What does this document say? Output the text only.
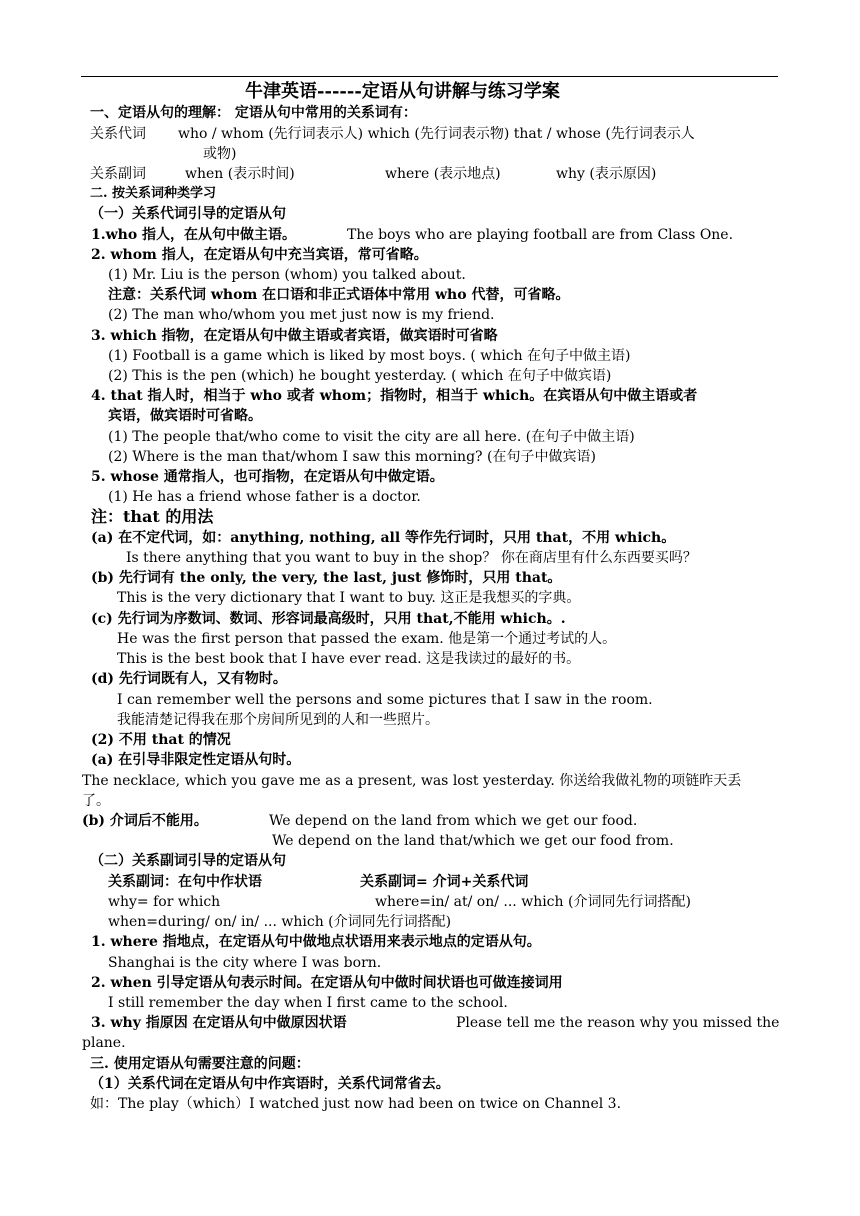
牛津英语------定语从句讲解与练习学案
一、定语从句的理解： 定语从句中常用的关系词有：
关系代词 who / whom (先行词表示人) which (先行词表示物) that / whose (先行词表示人
或物)
关系副词	when (表示时间)	where (表示地点)	why (表示原因)
二. 按关系词种类学习
（一）关系代词引导的定语从句
1.who 指人，在从句中做主语。	The boys who are playing football are from Class One.
2. whom 指人，在定语从句中充当宾语，常可省略。
(1) Mr. Liu is the person (whom) you talked about.
注意：关系代词 whom 在口语和非正式语体中常用 who 代替，可省略。
(2) The man who/whom you met just now is my friend.
3. which 指物，在定语从句中做主语或者宾语，做宾语时可省略
(1) Football is a game which is liked by most boys. ( which 在句子中做主语)
(2) This is the pen (which) he bought yesterday. ( which 在句子中做宾语)
4. that 指人时，相当于 who 或者 whom；指物时，相当于 which。在宾语从句中做主语或者
宾语，做宾语时可省略。
(1) The people that/who come to visit the city are all here. (在句子中做主语)
(2) Where is the man that/whom I saw this morning? (在句子中做宾语)
5. whose 通常指人，也可指物，在定语从句中做定语。
(1) He has a friend whose father is a doctor.
注：that 的用法
(a) 在不定代词，如：anything, nothing, all 等作先行词时，只用 that，不用 which。
Is there anything that you want to buy in the shop？ 你在商店里有什么东西要买吗？
(b) 先行词有 the only, the very, the last, just 修饰时，只用 that。
This is the very dictionary that I want to buy. 这正是我想买的字典。
(c) 先行词为序数词、数词、形容词最高级时，只用 that,不能用 which。.
He was the first person that passed the exam. 他是第一个通过考试的人。
This is the best book that I have ever read. 这是我读过的最好的书。
(d) 先行词既有人，又有物时。
I can remember well the persons and some pictures that I saw in the room.
我能清楚记得我在那个房间所见到的人和一些照片。
(2) 不用 that 的情况
(a) 在引导非限定性定语从句时。
The necklace, which you gave me as a present, was lost yesterday. 你送给我做礼物的项链昨天丢
了。
(b) 介词后不能用。	We depend on the land from which we get our food.
We depend on the land that/which we get our food from.
（二）关系副词引导的定语从句
关系副词：在句中作状语	关系副词= 介词+关系代词
why= for which	where=in/ at/ on/ ... which (介词同先行词搭配)
when=during/ on/ in/ ... which (介词同先行词搭配)
1. where 指地点，在定语从句中做地点状语用来表示地点的定语从句。
Shanghai is the city where I was born.
2. when 引导定语从句表示时间。在定语从句中做时间状语也可做连接词用
I still remember the day when I first came to the school.
3. why 指原因 在定语从句中做原因状语	Please tell me the reason why you missed the
plane.
三. 使用定语从句需要注意的问题：
（1）关系代词在定语从句中作宾语时，关系代词常省去。
如：The play（which）I watched just now had been on twice on Channel 3.
